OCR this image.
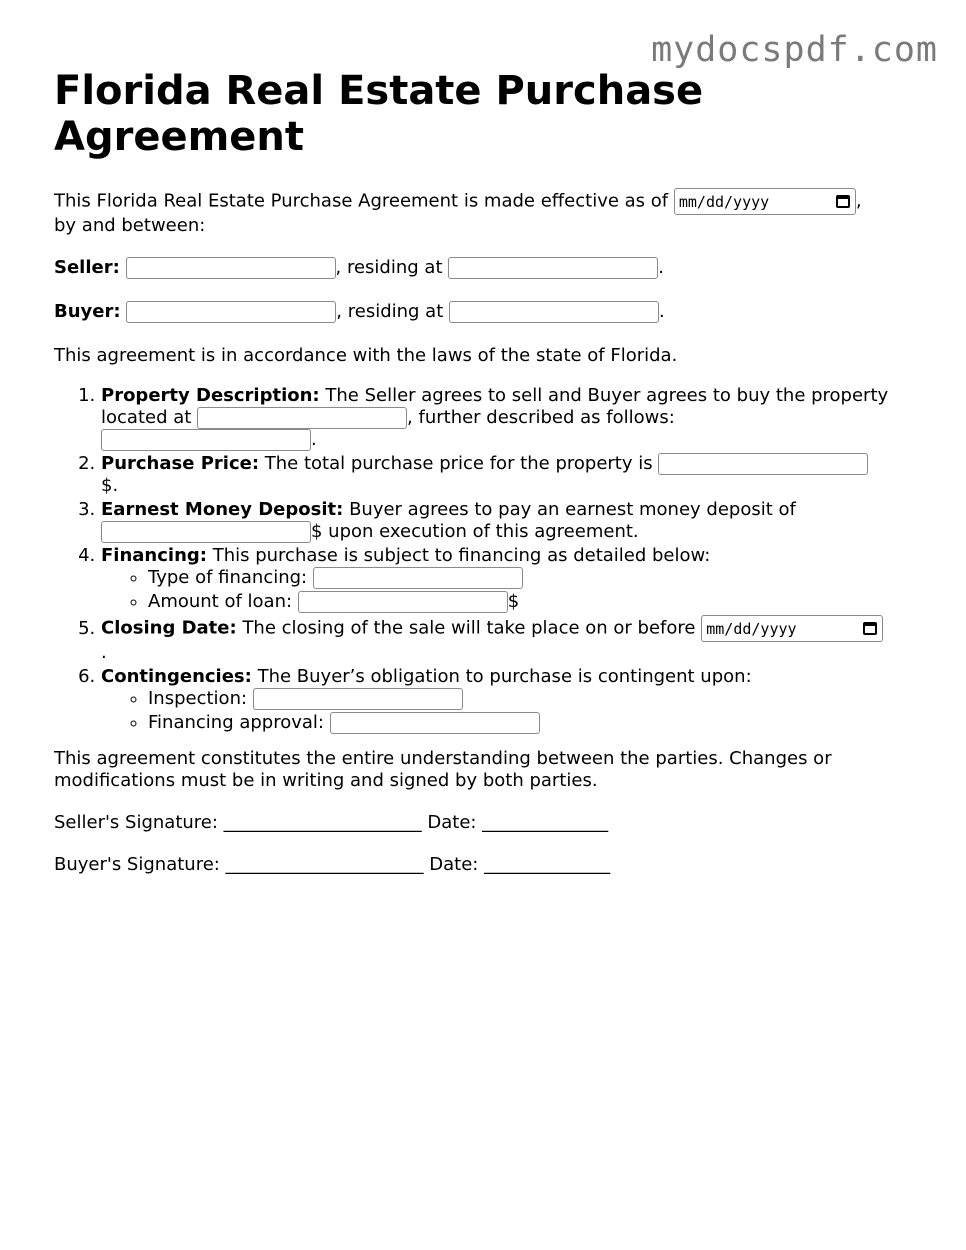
mydocspdf.com
Florida Real Estate Purchase Agreement

This Florida Real Estate Purchase Agreement is made effective as of mm/dd/yyyy	,
by and between:

Seller:	, residing at	.

Buyer:	, residing at	.

This agreement is in accordance with the laws of the state of Florida.

1. Property Description: The Seller agrees to sell and Buyer agrees to buy the property located at	, further described as follows:
.
2. Purchase Price: The total purchase price for the property is
$.
3. Earnest Money Deposit: Buyer agrees to pay an earnest money deposit of
$ upon execution of this agreement.
4. Financing: This purchase is subject to financing as detailed below:
◦ Type of financing:
◦ Amount of loan:	$
5. Closing Date: The closing of the sale will take place on or before mm/dd/yyyy

.
6. Contingencies: The Buyer’s obligation to purchase is contingent upon:
◦ Inspection:
◦ Financing approval:

This agreement constitutes the entire understanding between the parties. Changes or modifications must be in writing and signed by both parties.

Seller's Signature: ______________________ Date: ______________

Buyer's Signature: ______________________ Date: ______________
